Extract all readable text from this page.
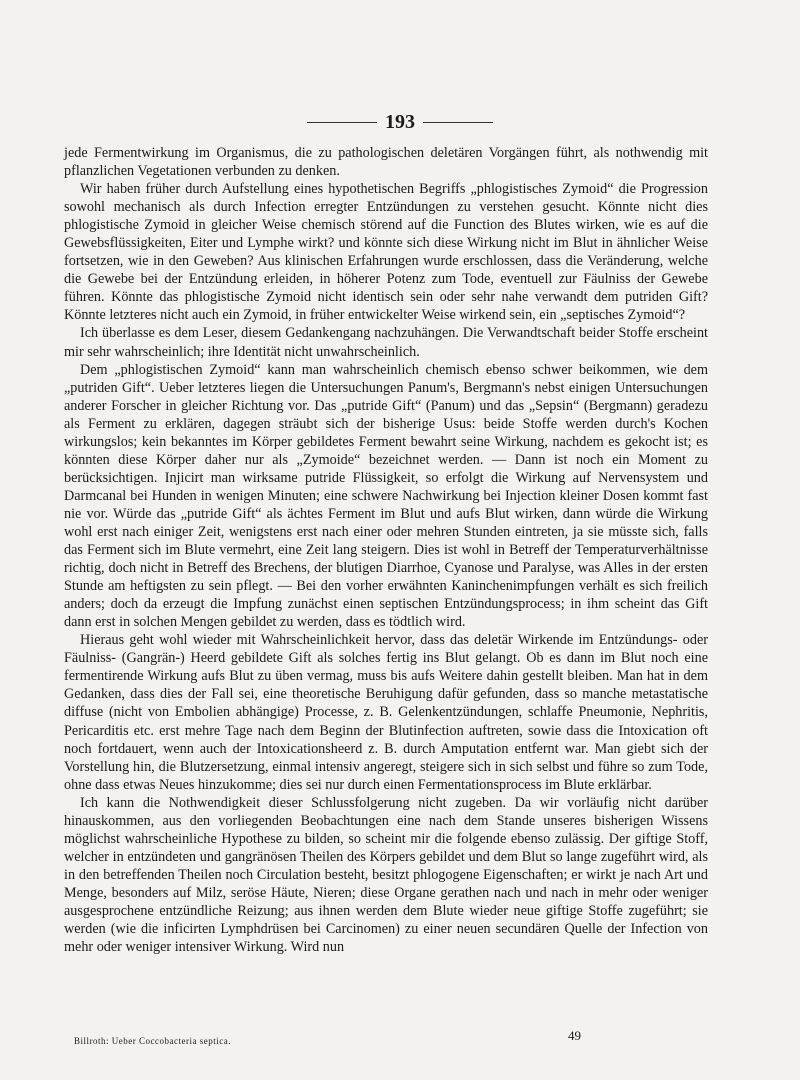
193

jede Fermentwirkung im Organismus, die zu pathologischen deletären Vorgängen führt, als nothwendig mit pflanzlichen Vegetationen verbunden zu denken.

Wir haben früher durch Aufstellung eines hypothetischen Begriffs „phlogistisches Zymoid“ die Progression sowohl mechanisch als durch Infection erregter Entzündungen zu verstehen gesucht. Könnte nicht dies phlogistische Zymoid in gleicher Weise chemisch störend auf die Function des Blutes wirken, wie es auf die Gewebsflüssigkeiten, Eiter und Lymphe wirkt? und könnte sich diese Wirkung nicht im Blut in ähnlicher Weise fortsetzen, wie in den Geweben? Aus klinischen Erfahrungen wurde erschlossen, dass die Veränderung, welche die Gewebe bei der Entzündung erleiden, in höherer Potenz zum Tode, eventuell zur Fäulniss der Gewebe führen. Könnte das phlogistische Zymoid nicht identisch sein oder sehr nahe verwandt dem putriden Gift? Könnte letzteres nicht auch ein Zymoid, in früher entwickelter Weise wirkend sein, ein „septisches Zymoid“?

Ich überlasse es dem Leser, diesem Gedankengang nachzuhängen. Die Verwandtschaft beider Stoffe erscheint mir sehr wahrscheinlich; ihre Identität nicht unwahrscheinlich.

Dem „phlogistischen Zymoid“ kann man wahrscheinlich chemisch ebenso schwer beikommen, wie dem „putriden Gift“. Ueber letzteres liegen die Untersuchungen Panum's, Bergmann's nebst einigen Untersuchungen anderer Forscher in gleicher Richtung vor. Das „putride Gift“ (Panum) und das „Sepsin“ (Bergmann) geradezu als Ferment zu erklären, dagegen sträubt sich der bisherige Usus: beide Stoffe werden durch's Kochen wirkungslos; kein bekanntes im Körper gebildetes Ferment bewahrt seine Wirkung, nachdem es gekocht ist; es könnten diese Körper daher nur als „Zymoide“ bezeichnet werden. — Dann ist noch ein Moment zu berücksichtigen. Injicirt man wirksame putride Flüssigkeit, so erfolgt die Wirkung auf Nervensystem und Darmcanal bei Hunden in wenigen Minuten; eine schwere Nachwirkung bei Injection kleiner Dosen kommt fast nie vor. Würde das „putride Gift“ als ächtes Ferment im Blut und aufs Blut wirken, dann würde die Wirkung wohl erst nach einiger Zeit, wenigstens erst nach einer oder mehren Stunden eintreten, ja sie müsste sich, falls das Ferment sich im Blute vermehrt, eine Zeit lang steigern. Dies ist wohl in Betreff der Temperaturverhältnisse richtig, doch nicht in Betreff des Brechens, der blutigen Diarrhoe, Cyanose und Paralyse, was Alles in der ersten Stunde am heftigsten zu sein pflegt. — Bei den vorher erwähnten Kaninchenimpfungen verhält es sich freilich anders; doch da erzeugt die Impfung zunächst einen septischen Entzündungsprocess; in ihm scheint das Gift dann erst in solchen Mengen gebildet zu werden, dass es tödtlich wird.

Hieraus geht wohl wieder mit Wahrscheinlichkeit hervor, dass das deletär Wirkende im Entzündungs- oder Fäulniss- (Gangrän-) Heerd gebildete Gift als solches fertig ins Blut gelangt. Ob es dann im Blut noch eine fermentirende Wirkung aufs Blut zu üben vermag, muss bis aufs Weitere dahin gestellt bleiben. Man hat in dem Gedanken, dass dies der Fall sei, eine theoretische Beruhigung dafür gefunden, dass so manche metastatische diffuse (nicht von Embolien abhängige) Processe, z. B. Gelenkentzündungen, schlaffe Pneumonie, Nephritis, Pericarditis etc. erst mehre Tage nach dem Beginn der Blutinfection auftreten, sowie dass die Intoxication oft noch fortdauert, wenn auch der Intoxicationsheerd z. B. durch Amputation entfernt war. Man giebt sich der Vorstellung hin, die Blutzersetzung, einmal intensiv angeregt, steigere sich in sich selbst und führe so zum Tode, ohne dass etwas Neues hinzukomme; dies sei nur durch einen Fermentationsprocess im Blute erklärbar.

Ich kann die Nothwendigkeit dieser Schlussfolgerung nicht zugeben. Da wir vorläufig nicht darüber hinauskommen, aus den vorliegenden Beobachtungen eine nach dem Stande unseres bisherigen Wissens möglichst wahrscheinliche Hypothese zu bilden, so scheint mir die folgende ebenso zulässig. Der giftige Stoff, welcher in entzündeten und gangränösen Theilen des Körpers gebildet und dem Blut so lange zugeführt wird, als in den betreffenden Theilen noch Circulation besteht, besitzt phlogogene Eigenschaften; er wirkt je nach Art und Menge, besonders auf Milz, seröse Häute, Nieren; diese Organe gerathen nach und nach in mehr oder weniger ausgesprochene entzündliche Reizung; aus ihnen werden dem Blute wieder neue giftige Stoffe zugeführt; sie werden (wie die inficirten Lymphdrüsen bei Carcinomen) zu einer neuen secundären Quelle der Infection von mehr oder weniger intensiver Wirkung. Wird nun

Billroth: Ueber Coccobacteria septica.	49
